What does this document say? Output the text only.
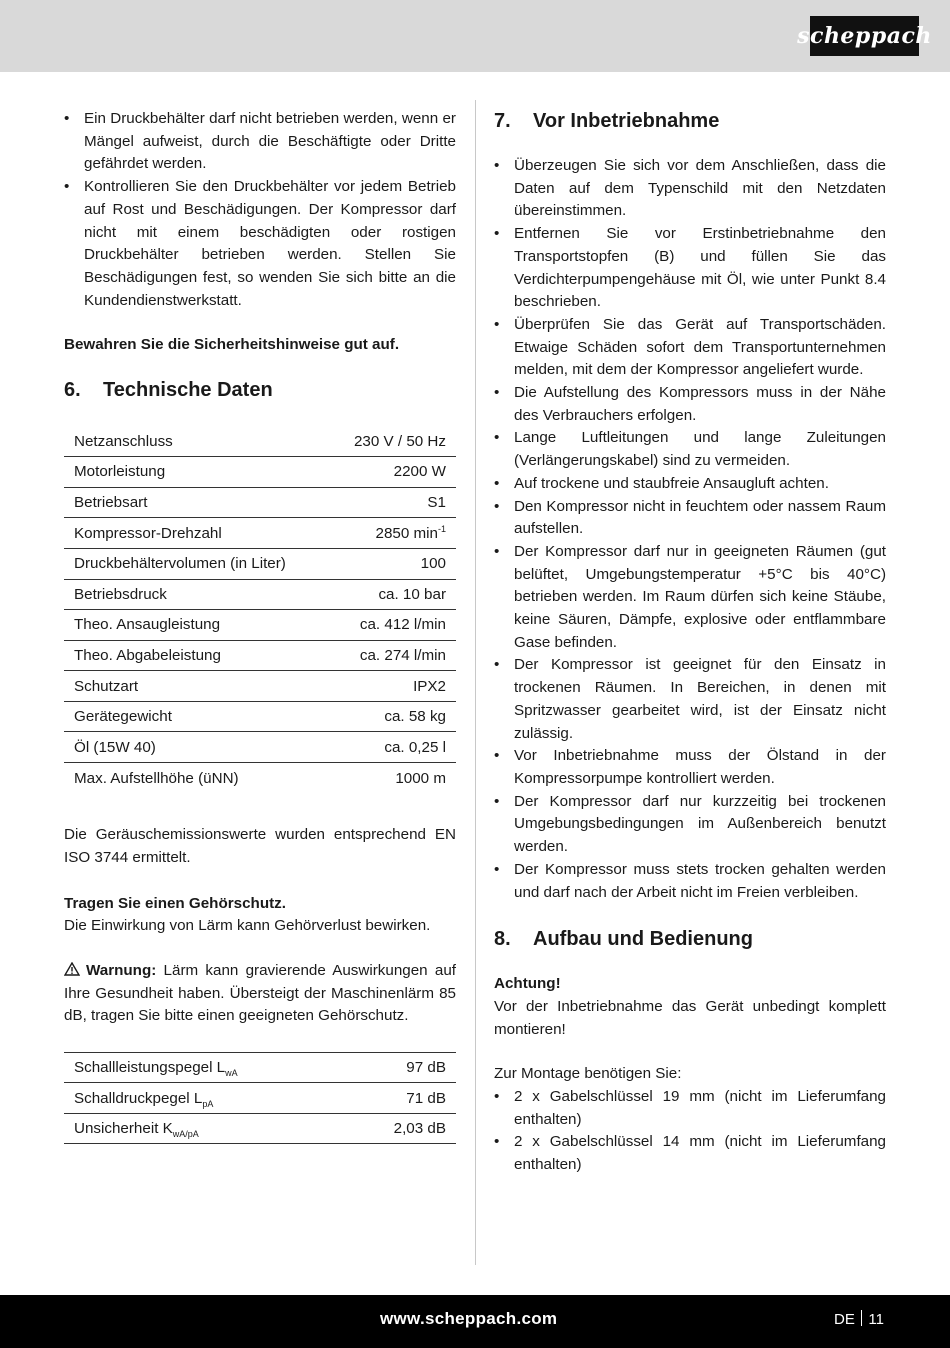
scheppach
• Ein Druckbehälter darf nicht betrieben werden, wenn er Mängel aufweist, durch die Beschäftigte oder Dritte gefährdet werden.
• Kontrollieren Sie den Druckbehälter vor jedem Betrieb auf Rost und Beschädigungen. Der Kompressor darf nicht mit einem beschädigten oder rostigen Druckbehälter betrieben werden. Stellen Sie Beschädigungen fest, so wenden Sie sich bitte an die Kundendienstwerkstatt.

Bewahren Sie die Sicherheitshinweise gut auf.

6.	Technische Daten
Netzanschluss	230 V / 50 Hz
Motorleistung	2200 W
Betriebsart	S1
Kompressor-Drehzahl	2850 $\min^{-1}$
Druckbehältervolumen (in Liter)	100
Betriebsdruck	ca. 10 bar
Theo. Ansaugleistung	ca. 412 l/min
Theo. Abgabeleistung	ca. 274 l/min
Schutzart	IPX2
Gerätegewicht	ca. 58 kg
Öl (15W 40)	ca. 0,25 l
Max. Aufstellhöhe (üNN)	1000 m

Die Geräuschemissionswerte wurden entsprechend EN ISO 3744 ermittelt.

Tragen Sie einen Gehörschutz.

Die Einwirkung von Lärm kann Gehörverlust bewirken.

Warnung: Lärm kann gravierende Auswirkungen auf Ihre Gesundheit haben. Übersteigt der Maschinenlärm 85 dB, tragen Sie bitte einen geeigneten Gehörschutz.

Schallleistungspegel $L_{wA}$	97 dB
Schalldruckpegel $L_{pA}$	71 dB
Unsicherheit $K_{wA/pA}$	2,03 dB
7.	Vor Inbetriebnahme
• Überzeugen Sie sich vor dem Anschließen, dass die Daten auf dem Typenschild mit den Netzdaten übereinstimmen.
• Entfernen Sie vor Erstinbetriebnahme den Transportstopfen (B) und füllen Sie das Verdichterpumpengehäuse mit Öl, wie unter Punkt 8.4 beschrieben.
• Überprüfen Sie das Gerät auf Transportschäden. Etwaige Schäden sofort dem Transportunternehmen melden, mit dem der Kompressor angeliefert wurde.
• Die Aufstellung des Kompressors muss in der Nähe des Verbrauchers erfolgen.
• Lange Luftleitungen und lange Zuleitungen (Verlängerungskabel) sind zu vermeiden.
• Auf trockene und staubfreie Ansaugluft achten.
• Den Kompressor nicht in feuchtem oder nassem Raum aufstellen.
• Der Kompressor darf nur in geeigneten Räumen (gut belüftet, Umgebungstemperatur +5°C bis 40°C) betrieben werden. Im Raum dürfen sich keine Stäube, keine Säuren, Dämpfe, explosive oder entflammbare Gase befinden.
• Der Kompressor ist geeignet für den Einsatz in trockenen Räumen. In Bereichen, in denen mit Spritzwasser gearbeitet wird, ist der Einsatz nicht zulässig.
• Vor Inbetriebnahme muss der Ölstand in der Kompressorpumpe kontrolliert werden.
• Der Kompressor darf nur kurzzeitig bei trockenen Umgebungsbedingungen im Außenbereich benutzt werden.
• Der Kompressor muss stets trocken gehalten werden und darf nach der Arbeit nicht im Freien verbleiben.
8.	Aufbau und Bedienung

Achtung!

Vor der Inbetriebnahme das Gerät unbedingt komplett montieren!

Zur Montage benötigen Sie:

• 2 x Gabelschlüssel 19 mm (nicht im Lieferumfang enthalten)
• 2 x Gabelschlüssel 14 mm (nicht im Lieferumfang enthalten)
www.scheppach.com	DE 11
